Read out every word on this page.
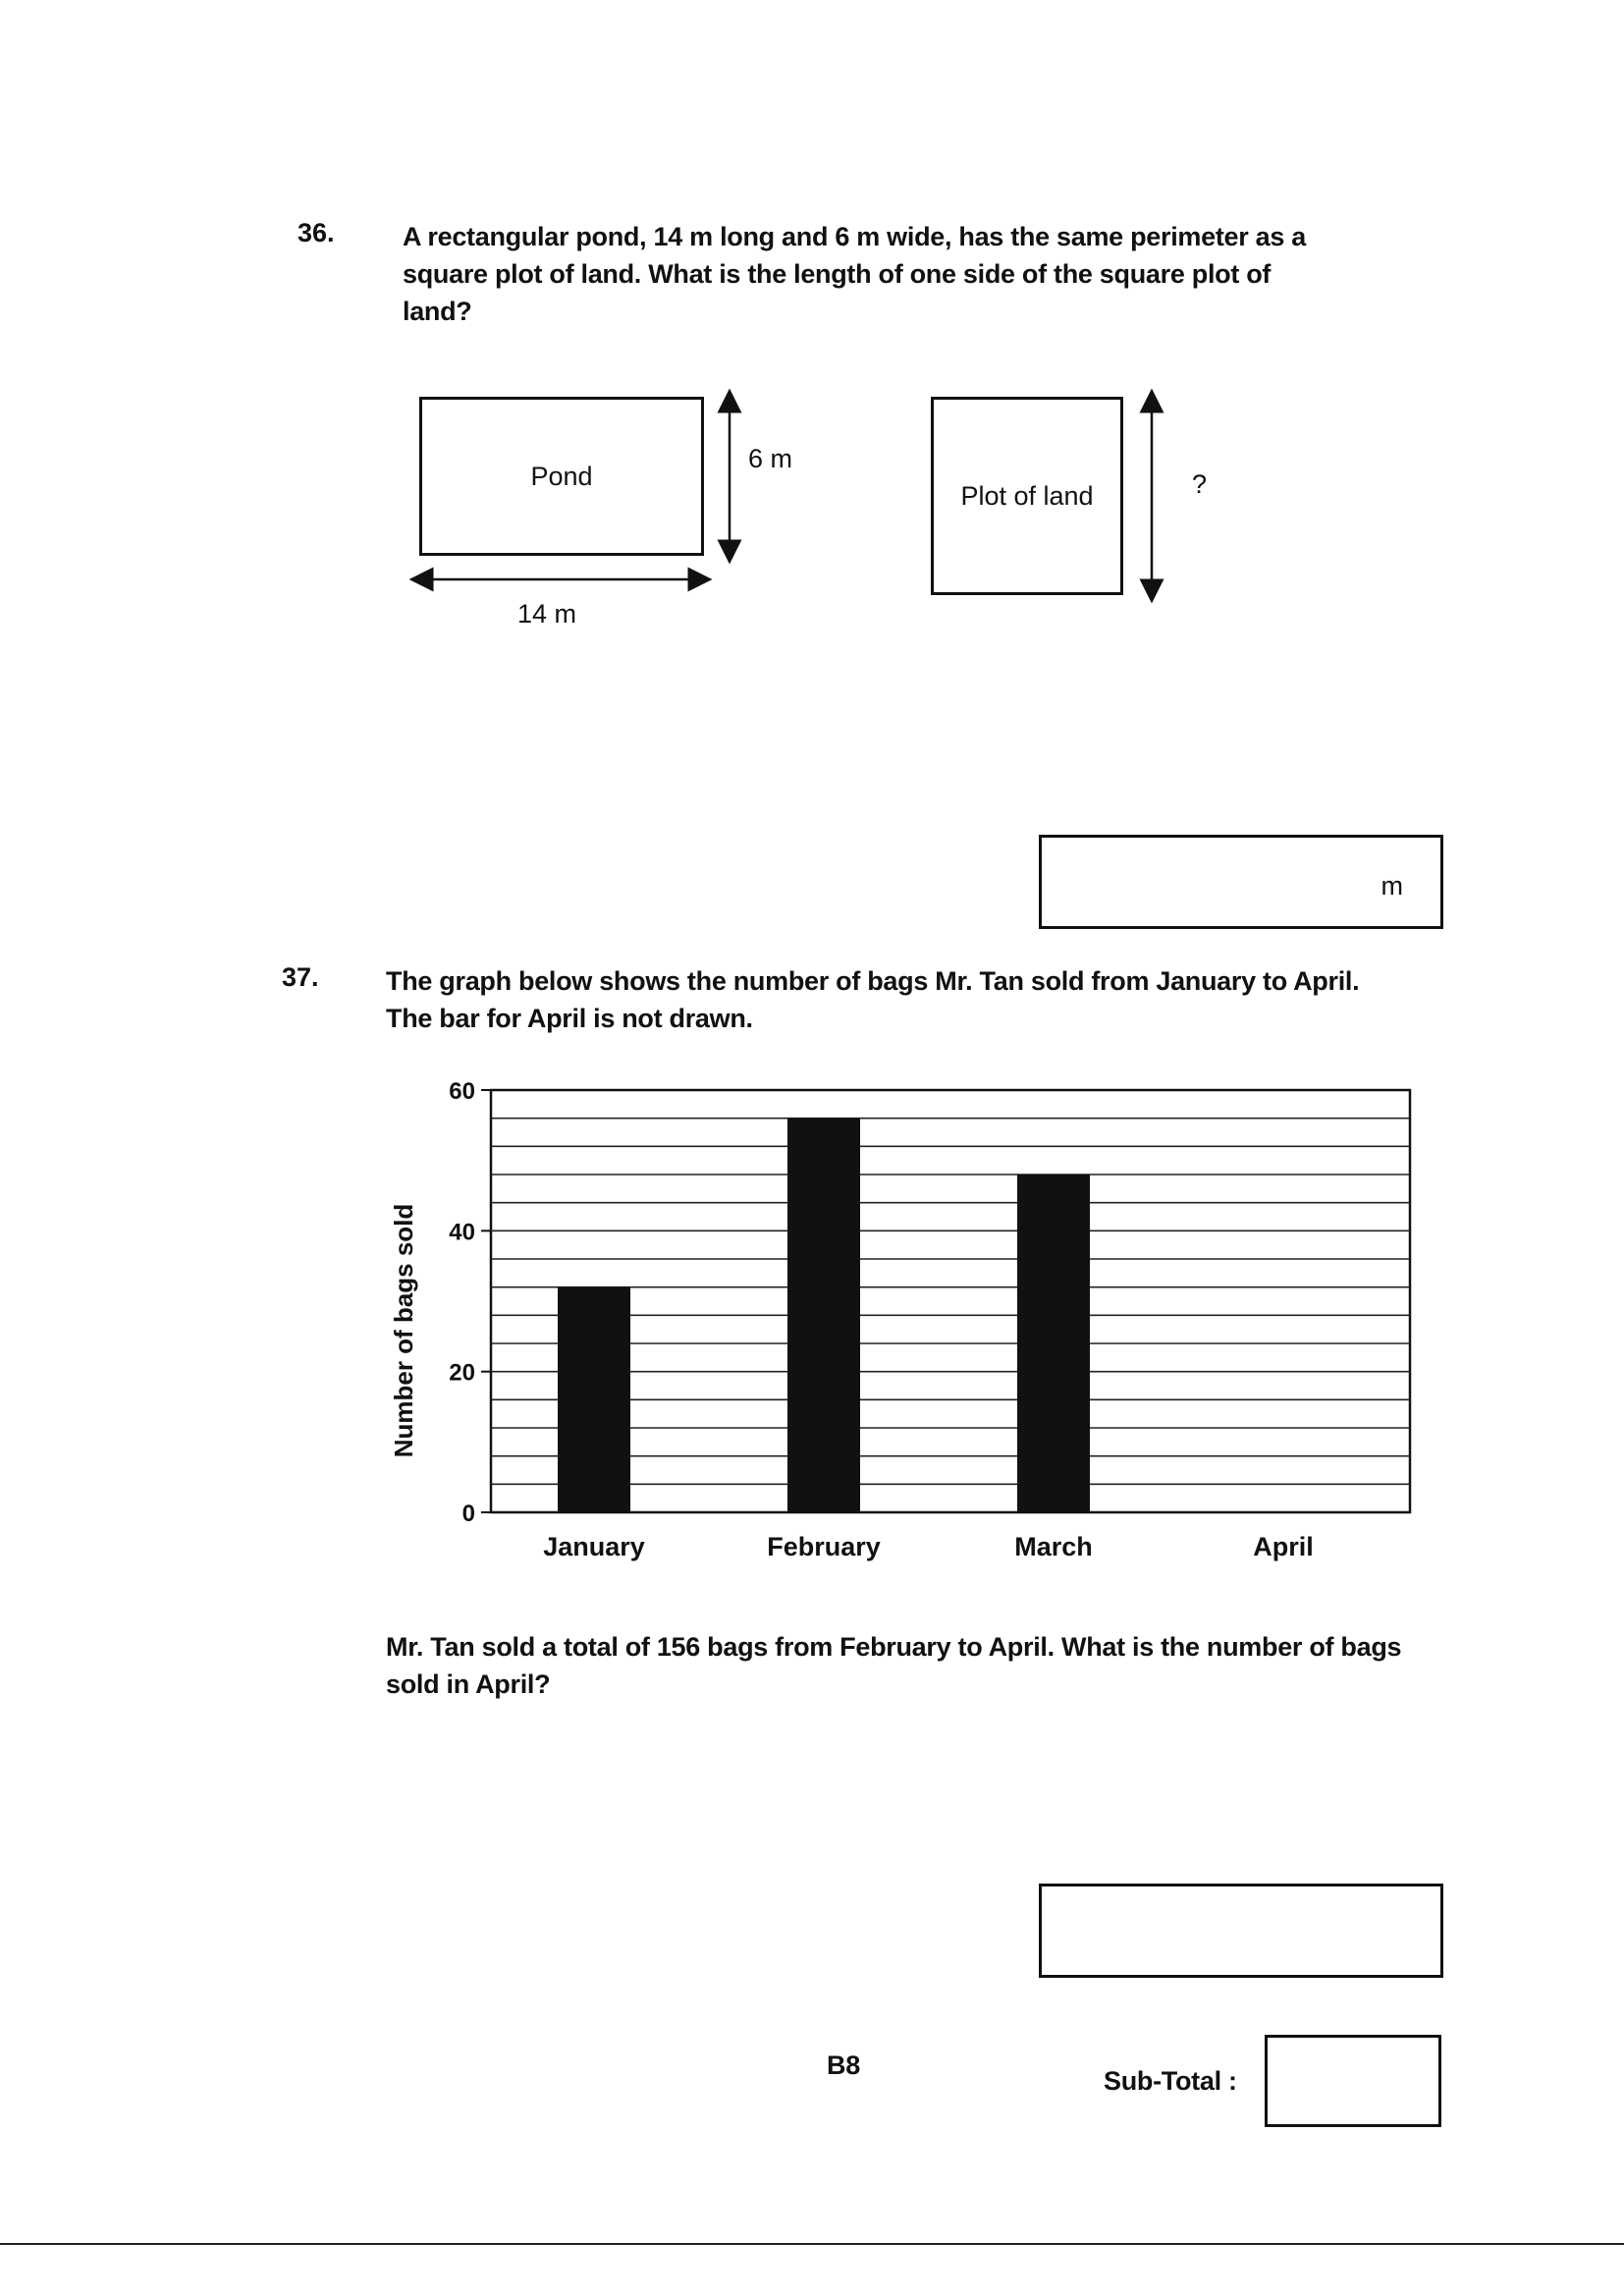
36.	A rectangular pond, 14 m long and 6 m wide, has the same perimeter as a square plot of land. What is the length of one side of the square plot of land?
Pond
6 m
14 m
Plot of land	?
m
37.	The graph below shows the number of bags Mr. Tan sold from January to April.
The bar for April is not drawn.
0
20
40
60
Number of bags sold
January	February	March	April
Mr. Tan sold a total of 156 bags from February to April. What is the number of bags sold in April?
B8
Sub-Total :
